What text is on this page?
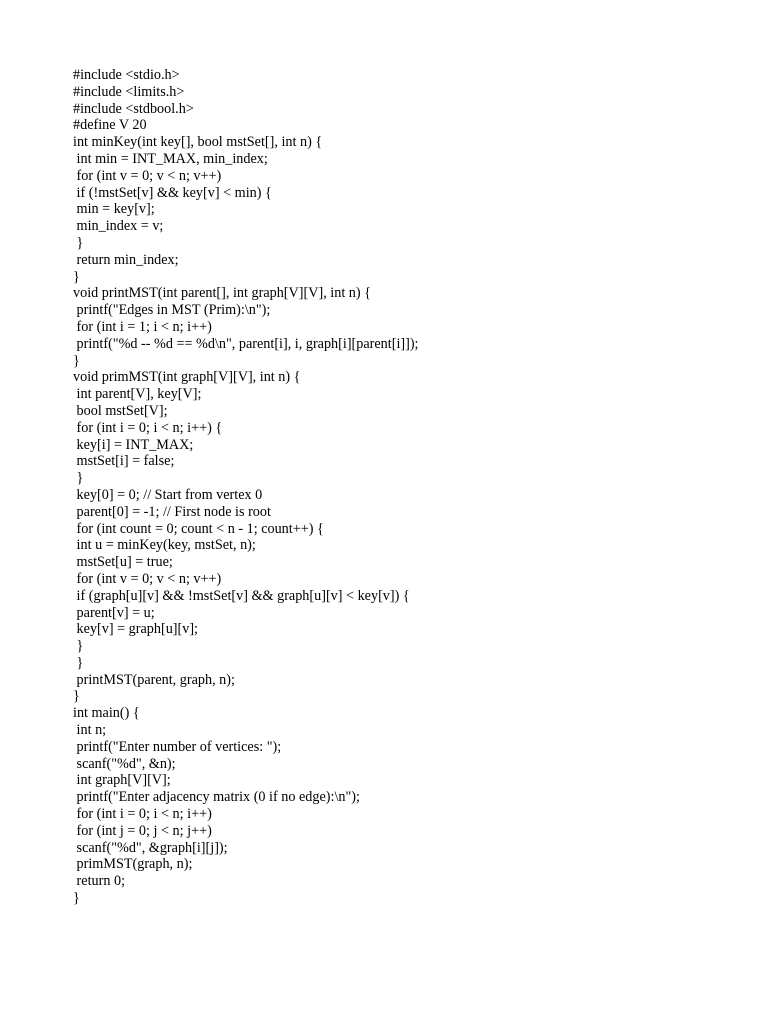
#include <stdio.h>
#include <limits.h>
#include <stdbool.h>
#define V 20
int minKey(int key[], bool mstSet[], int n) {
int min = INT_MAX, min_index;
for (int v = 0; v < n; v++)
if (!mstSet[v] && key[v] < min) {
min = key[v];
min_index = v;
}
return min_index;
}
void printMST(int parent[], int graph[V][V], int n) {
printf("Edges in MST (Prim):\n");
for (int i = 1; i < n; i++)
printf("%d -- %d == %d\n", parent[i], i, graph[i][parent[i]]);
}
void primMST(int graph[V][V], int n) {
int parent[V], key[V];
bool mstSet[V];
for (int i = 0; i < n; i++) {
key[i] = INT_MAX;
mstSet[i] = false;
}
key[0] = 0; // Start from vertex 0
parent[0] = -1; // First node is root
for (int count = 0; count < n - 1; count++) {
int u = minKey(key, mstSet, n);
mstSet[u] = true;
for (int v = 0; v < n; v++)
if (graph[u][v] && !mstSet[v] && graph[u][v] < key[v]) {
parent[v] = u;
key[v] = graph[u][v];
}
}
printMST(parent, graph, n);
}
int main() {
int n;
printf("Enter number of vertices: ");
scanf("%d", &n);
int graph[V][V];
printf("Enter adjacency matrix (0 if no edge):\n");
for (int i = 0; i < n; i++)
for (int j = 0; j < n; j++)
scanf("%d", &graph[i][j]);
primMST(graph, n);
return 0;
}
